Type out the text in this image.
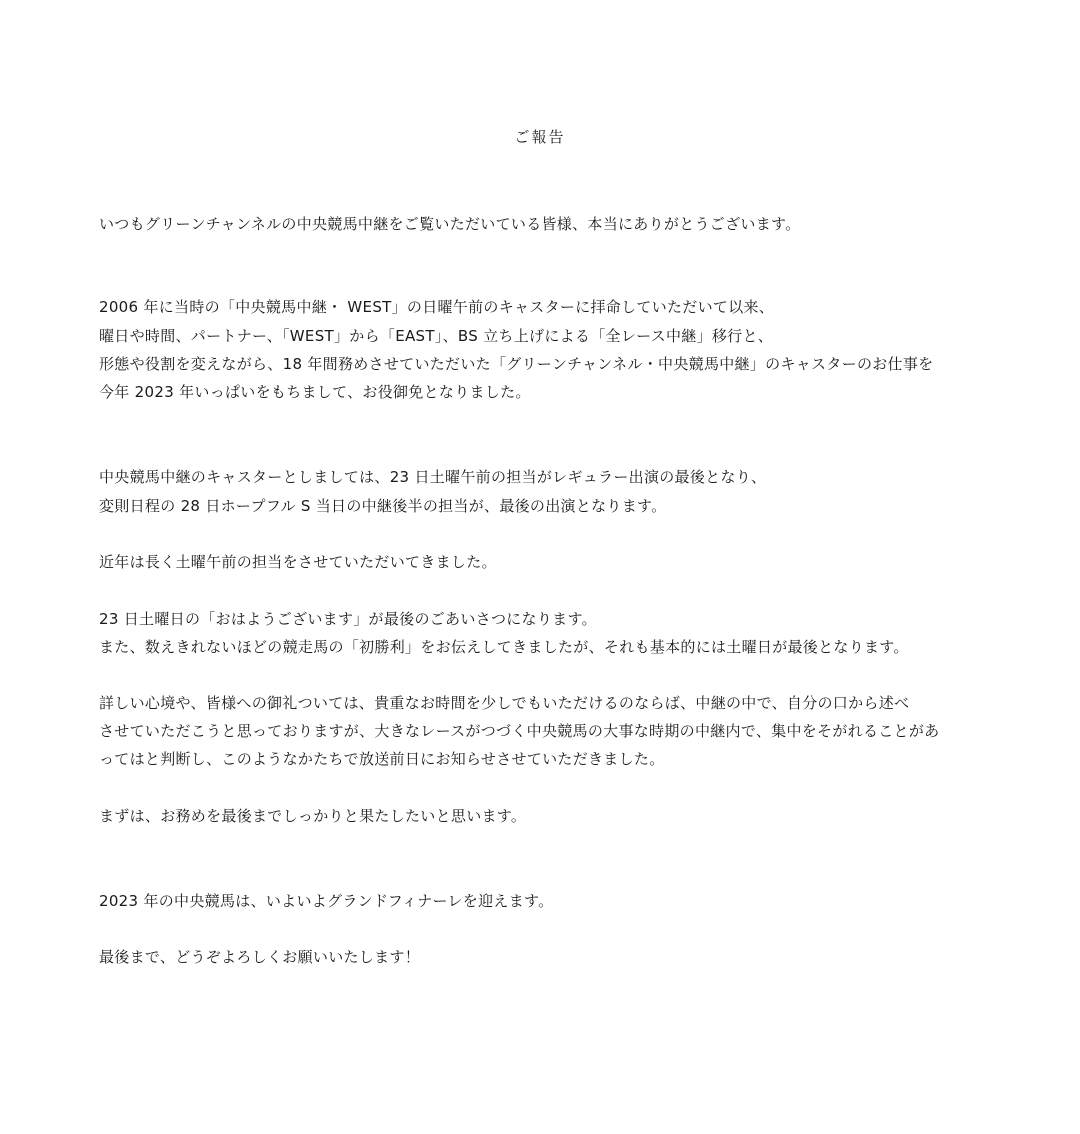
ご報告
いつもグリーンチャンネルの中央競馬中継をご覧いただいている皆様、本当にありがとうございます。
2006 年に当時の「中央競馬中継・ WEST」の日曜午前のキャスターに拝命していただいて以来、
曜日や時間、パートナー、「WEST」から「EAST」、BS 立ち上げによる「全レース中継」移行と、
形態や役割を変えながら、18 年間務めさせていただいた「グリーンチャンネル・中央競馬中継」のキャスターのお仕事を
今年 2023 年いっぱいをもちまして、お役御免となりました。
中央競馬中継のキャスターとしましては、23 日土曜午前の担当がレギュラー出演の最後となり、
変則日程の 28 日ホープフル S 当日の中継後半の担当が、最後の出演となります。
近年は長く土曜午前の担当をさせていただいてきました。
23 日土曜日の「おはようございます」が最後のごあいさつになります。
また、数えきれないほどの競走馬の「初勝利」をお伝えしてきましたが、それも基本的には土曜日が最後となります。
詳しい心境や、皆様への御礼ついては、貴重なお時間を少しでもいただけるのならば、中継の中で、自分の口から述べ
させていただこうと思っておりますが、大きなレースがつづく中央競馬の大事な時期の中継内で、集中をそがれることがあ
ってはと判断し、このようなかたちで放送前日にお知らせさせていただきました。
まずは、お務めを最後までしっかりと果たしたいと思います。
2023 年の中央競馬は、いよいよグランドフィナーレを迎えます。
最後まで、どうぞよろしくお願いいたします！
